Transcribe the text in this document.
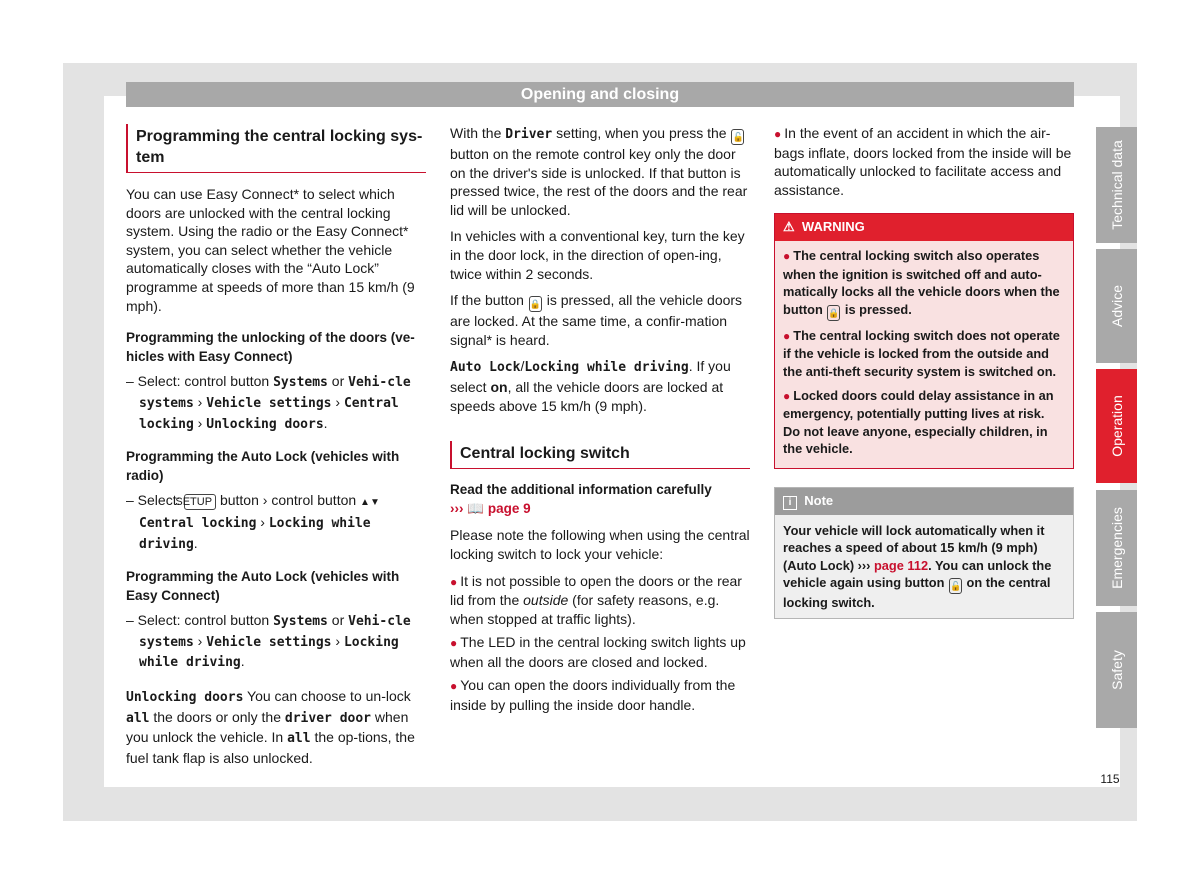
Opening and closing
Programming the central locking sys-tem

You can use Easy Connect* to select which doors are unlocked with the central locking system. Using the radio or the Easy Connect* system, you can select whether the vehicle automatically closes with the “Auto Lock” programme at speeds of more than 15 km/h (9 mph).

Programming the unlocking of the doors (ve-hicles with Easy Connect)

– Select: control button Systems or Vehi-cle systems › Vehicle settings › Central locking › Unlocking doors.

Programming the Auto Lock (vehicles with radio)

– Select: SETUP button › control button ▲▼ Central locking › Locking while driving.

Programming the Auto Lock (vehicles with Easy Connect)

– Select: control button Systems or Vehi-cle systems › Vehicle settings › Locking while driving.

Unlocking doors You can choose to un-lock all the doors or only the driver door when you unlock the vehicle. In all the op-tions, the fuel tank flap is also unlocked.

With the Driver setting, when you press the 🔓 button on the remote control key only the door on the driver's side is unlocked. If that button is pressed twice, the rest of the doors and the rear lid will be unlocked.

In vehicles with a conventional key, turn the key in the door lock, in the direction of open-ing, twice within 2 seconds.

If the button 🔒 is pressed, all the vehicle doors are locked. At the same time, a confir-mation signal* is heard.

Auto Lock/Locking while driving. If you select on, all the vehicle doors are locked at speeds above 15 km/h (9 mph).

Central locking switch

Read the additional information carefully
››› 📖 page 9

Please note the following when using the central locking switch to lock your vehicle:

● It is not possible to open the doors or the rear lid from the outside (for safety reasons, e.g. when stopped at traffic lights).

● The LED in the central locking switch lights up when all the doors are closed and locked.

● You can open the doors individually from the inside by pulling the inside door handle.

● In the event of an accident in which the air-bags inflate, doors locked from the inside will be automatically unlocked to facilitate access and assistance.

⚠ WARNING

● The central locking switch also operates when the ignition is switched off and auto-matically locks all the vehicle doors when the button 🔒 is pressed.

● The central locking switch does not operate if the vehicle is locked from the outside and the anti-theft security system is switched on.

● Locked doors could delay assistance in an emergency, potentially putting lives at risk. Do not leave anyone, especially children, in the vehicle.

i Note
Your vehicle will lock automatically when it reaches a speed of about 15 km/h (9 mph) (Auto Lock) ››› page 112. You can unlock the vehicle again using button 🔓 on the central locking switch.
Technical data
Advice
Operation
Emergencies
Safety
115
